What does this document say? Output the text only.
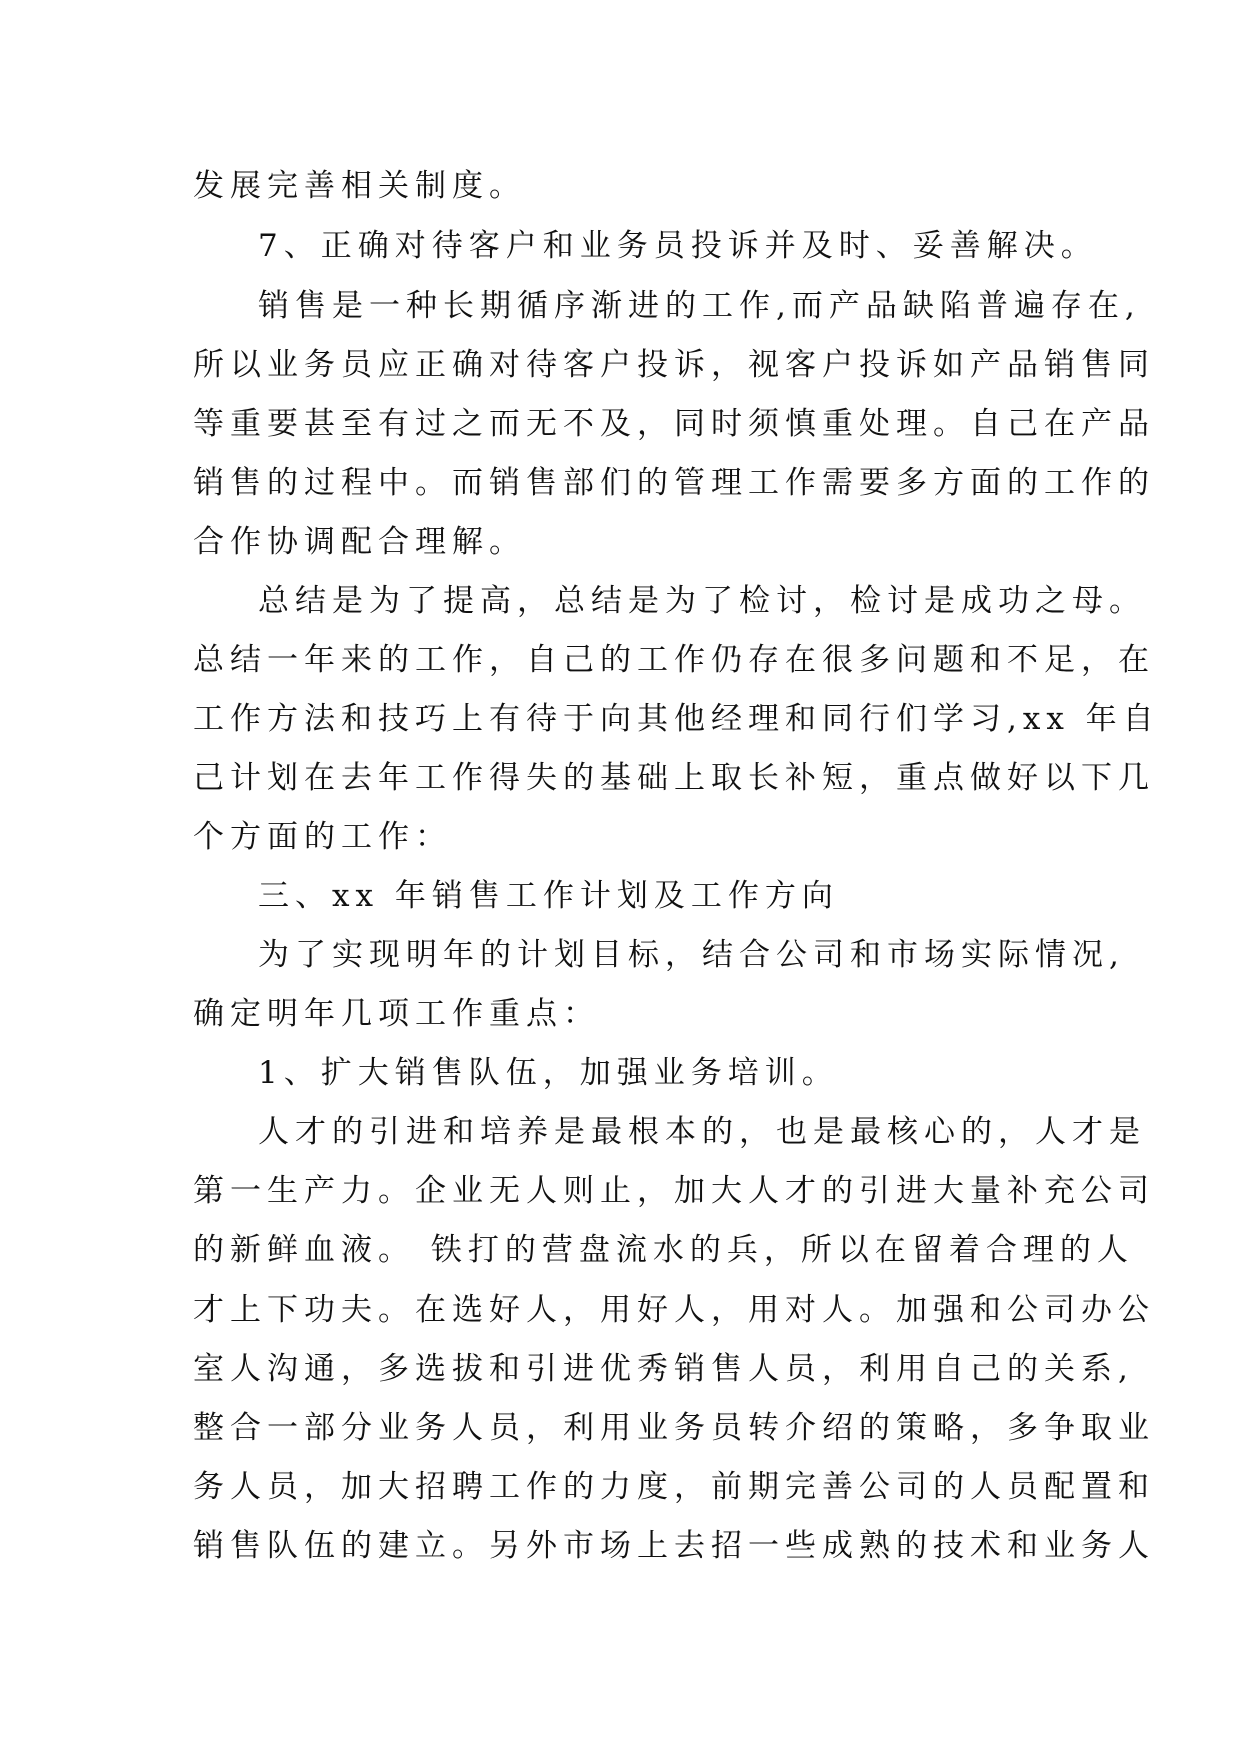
发展完善相关制度。

7、正确对待客户和业务员投诉并及时、妥善解决。

销售是一种长期循序渐进的工作,而产品缺陷普遍存在,

所以业务员应正确对待客户投诉，视客户投诉如产品销售同

等重要甚至有过之而无不及，同时须慎重处理。自己在产品

销售的过程中。而销售部们的管理工作需要多方面的工作的

合作协调配合理解。

总结是为了提高，总结是为了检讨，检讨是成功之母。

总结一年来的工作，自己的工作仍存在很多问题和不足，在

工作方法和技巧上有待于向其他经理和同行们学习,xx 年自

己计划在去年工作得失的基础上取长补短，重点做好以下几

个方面的工作：

三、xx 年销售工作计划及工作方向

为了实现明年的计划目标，结合公司和市场实际情况,

确定明年几项工作重点：

1、扩大销售队伍，加强业务培训。

人才的引进和培养是最根本的，也是最核心的，人才是

第一生产力。企业无人则止，加大人才的引进大量补充公司

的新鲜血液。 铁打的营盘流水的兵，所以在留着合理的人

才上下功夫。在选好人，用好人，用对人。加强和公司办公

室人沟通，多选拔和引进优秀销售人员，利用自己的关系,

整合一部分业务人员，利用业务员转介绍的策略，多争取业

务人员，加大招聘工作的力度，前期完善公司的人员配置和

销售队伍的建立。另外市场上去招一些成熟的技术和业务人
